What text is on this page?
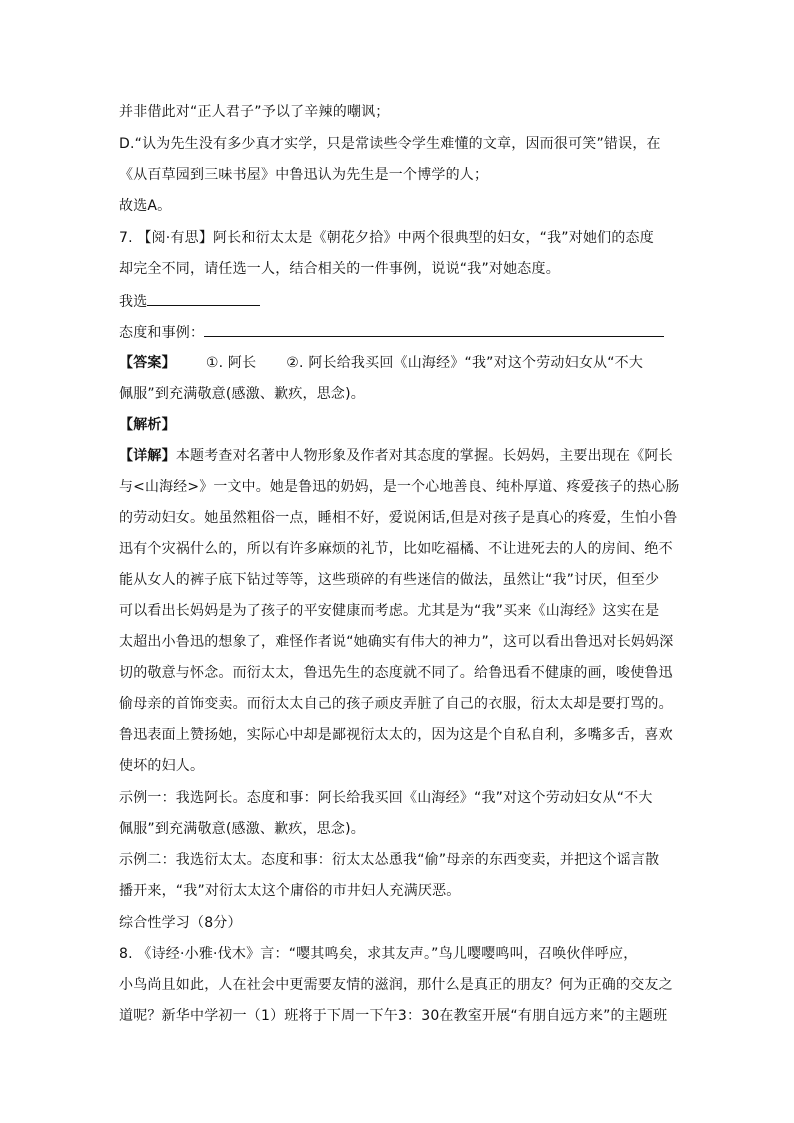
并非借此对“正人君子”予以了辛辣的嘲讽；
D.“认为先生没有多少真才实学，只是常读些令学生难懂的文章，因而很可笑”错误，在
《从百草园到三味书屋》中鲁迅认为先生是一个博学的人；
故选A。
7. 【阅·有思】阿长和衍太太是《朝花夕拾》中两个很典型的妇女，“我”对她们的态度
却完全不同，请任选一人，结合相关的一件事例，说说“我”对她态度。
我选
态度和事例：
【答案】 ①. 阿长 ②. 阿长给我买回《山海经》“我”对这个劳动妇女从“不大
佩服”到充满敬意(感激、歉疚，思念)。
【解析】
【详解】本题考查对名著中人物形象及作者对其态度的掌握。长妈妈，主要出现在《阿长
与<山海经>》一文中。她是鲁迅的奶妈，是一个心地善良、纯朴厚道、疼爱孩子的热心肠
的劳动妇女。她虽然粗俗一点，睡相不好，爱说闲话,但是对孩子是真心的疼爱，生怕小鲁
迅有个灾祸什么的，所以有许多麻烦的礼节，比如吃福橘、不让进死去的人的房间、绝不
能从女人的裤子底下钻过等等，这些琐碎的有些迷信的做法，虽然让“我”讨厌，但至少
可以看出长妈妈是为了孩子的平安健康而考虑。尤其是为“我”买来《山海经》这实在是
太超出小鲁迅的想象了，难怪作者说“她确实有伟大的神力”，这可以看出鲁迅对长妈妈深
切的敬意与怀念。而衍太太，鲁迅先生的态度就不同了。给鲁迅看不健康的画，唆使鲁迅
偷母亲的首饰变卖。而衍太太自己的孩子顽皮弄脏了自己的衣服，衍太太却是要打骂的。
鲁迅表面上赞扬她，实际心中却是鄙视衍太太的，因为这是个自私自利，多嘴多舌，喜欢
使坏的妇人。
示例一：我选阿长。态度和事：阿长给我买回《山海经》“我”对这个劳动妇女从“不大
佩服”到充满敬意(感激、歉疚，思念)。
示例二：我选衍太太。态度和事：衍太太怂恿我“偷”母亲的东西变卖，并把这个谣言散
播开来，“我”对衍太太这个庸俗的市井妇人充满厌恶。
综合性学习（8分）
8. 《诗经·小雅·伐木》言：“嘤其鸣矣，求其友声。”鸟儿嘤嘤鸣叫，召唤伙伴呼应，
小鸟尚且如此，人在社会中更需要友情的滋润，那什么是真正的朋友？何为正确的交友之
道呢？新华中学初一（1）班将于下周一下午3：30在教室开展“有朋自远方来”的主题班
